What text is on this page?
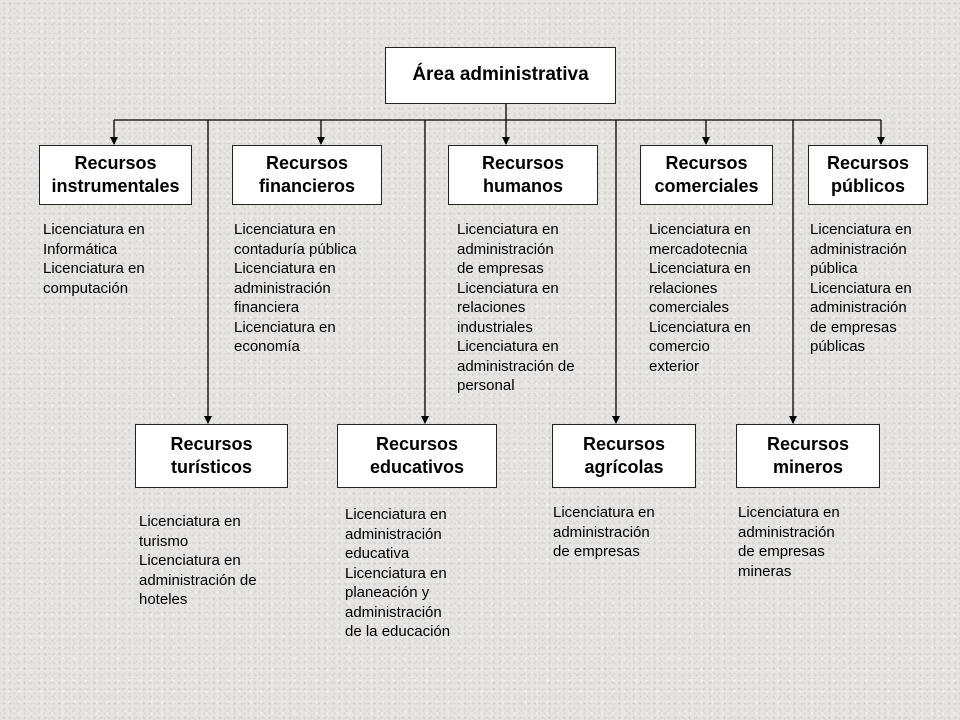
Área administrativa
Recursos
instrumentales
Recursos
financieros
Recursos
humanos
Recursos
comerciales
Recursos
públicos

Licenciatura en
Informática
Licenciatura en
computación

Licenciatura en
contaduría pública
Licenciatura en
administración
financiera
Licenciatura en
economía

Licenciatura en
administración
de empresas
Licenciatura en
relaciones
industriales
Licenciatura en
administración de
personal

Licenciatura en
mercadotecnia
Licenciatura en
relaciones
comerciales
Licenciatura en
comercio
exterior

Licenciatura en
administración
pública
Licenciatura en
administración
de empresas
públicas

Recursos
turísticos
Recursos
educativos
Recursos
agrícolas
Recursos
mineros

Licenciatura en
turismo
Licenciatura en
administración de
hoteles

Licenciatura en
administración
educativa
Licenciatura en
planeación y
administración
de la educación

Licenciatura en
administración
de empresas

Licenciatura en
administración
de empresas
mineras
